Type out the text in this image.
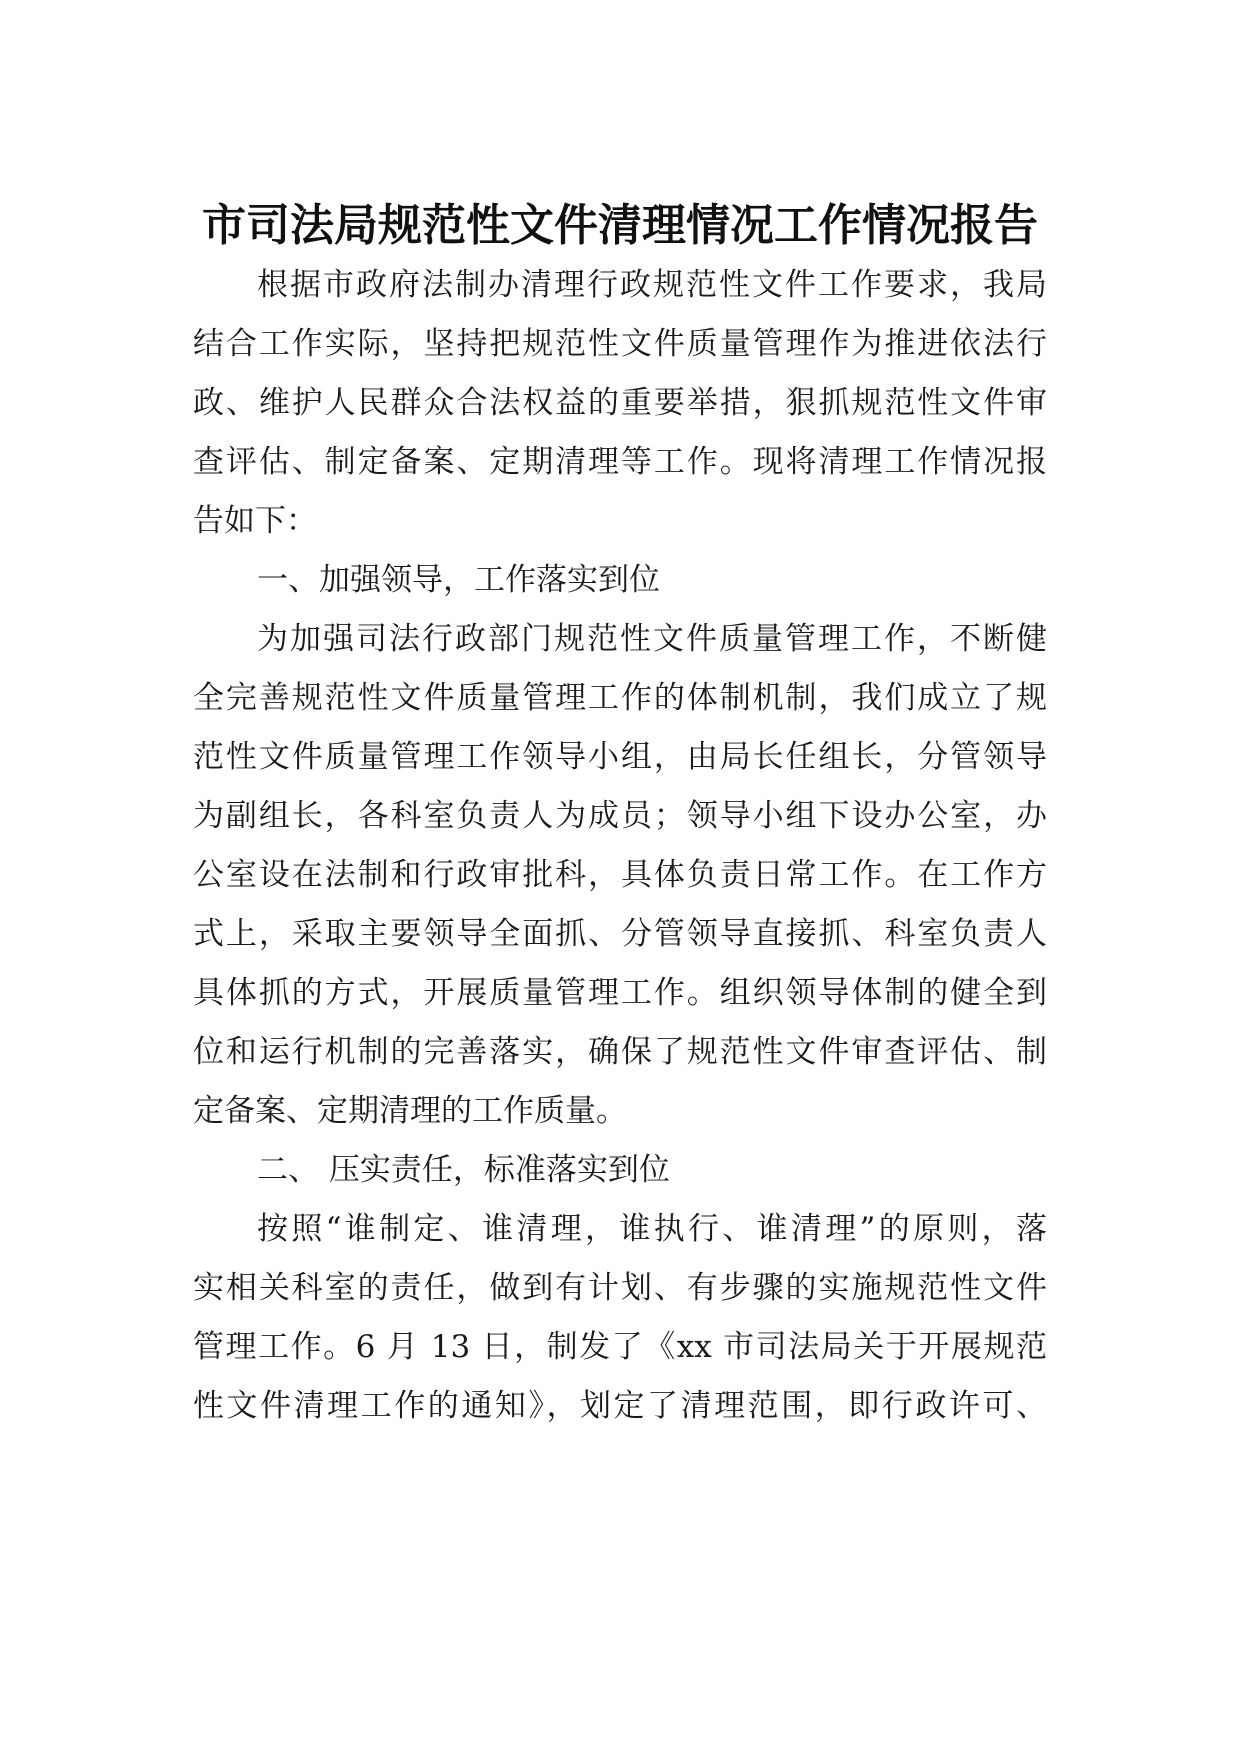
市司法局规范性文件清理情况工作情况报告
根据市政府法制办清理行政规范性文件工作要求，我局
结合工作实际，坚持把规范性文件质量管理作为推进依法行
政、维护人民群众合法权益的重要举措，狠抓规范性文件审
查评估、制定备案、定期清理等工作。现将清理工作情况报
告如下：
一、加强领导，工作落实到位
为加强司法行政部门规范性文件质量管理工作，不断健
全完善规范性文件质量管理工作的体制机制，我们成立了规
范性文件质量管理工作领导小组，由局长任组长，分管领导
为副组长，各科室负责人为成员；领导小组下设办公室，办
公室设在法制和行政审批科，具体负责日常工作。在工作方
式上，采取主要领导全面抓、分管领导直接抓、科室负责人
具体抓的方式，开展质量管理工作。组织领导体制的健全到
位和运行机制的完善落实，确保了规范性文件审查评估、制
定备案、定期清理的工作质量。
二、 压实责任，标准落实到位
按照“谁制定、谁清理，谁执行、谁清理”的原则，落
实相关科室的责任，做到有计划、有步骤的实施规范性文件
管理工作。6 月 13 日，制发了《xx 市司法局关于开展规范
性文件清理工作的通知》，划定了清理范围，即行政许可、
